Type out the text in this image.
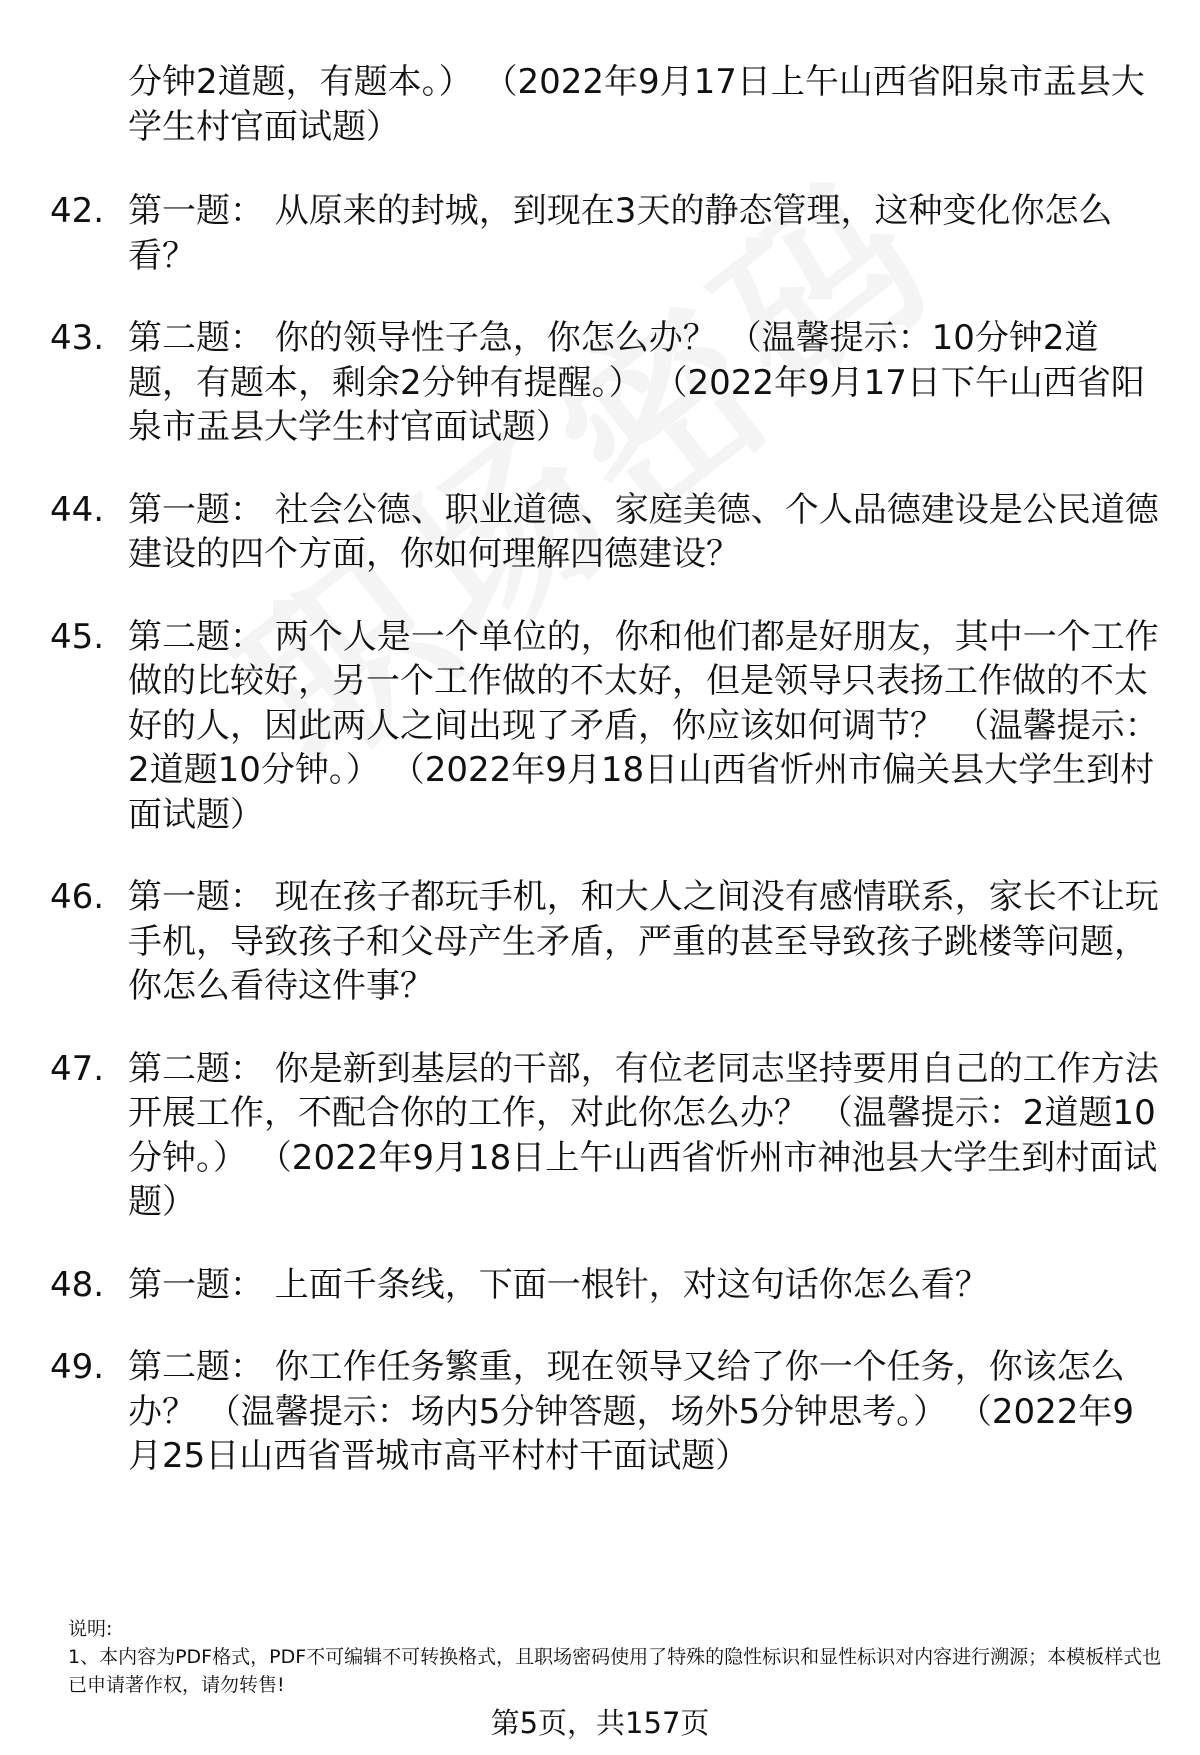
分钟2道题，有题本。） （2022年9月17日上午山西省阳泉市盂县大学生村官面试题）
42. 第一题： 从原来的封城，到现在3天的静态管理，这种变化你怎么看？
43. 第二题： 你的领导性子急，你怎么办？ （温馨提示：10分钟2道题，有题本，剩余2分钟有提醒。） （2022年9月17日下午山西省阳泉市盂县大学生村官面试题）
44. 第一题： 社会公德、职业道德、家庭美德、个人品德建设是公民道德建设的四个方面，你如何理解四德建设？
45. 第二题： 两个人是一个单位的，你和他们都是好朋友，其中一个工作做的比较好，另一个工作做的不太好，但是领导只表扬工作做的不太好的人，因此两人之间出现了矛盾，你应该如何调节？ （温馨提示：2道题10分钟。） （2022年9月18日山西省忻州市偏关县大学生到村面试题）
46. 第一题： 现在孩子都玩手机，和大人之间没有感情联系，家长不让玩手机，导致孩子和父母产生矛盾，严重的甚至导致孩子跳楼等问题，你怎么看待这件事？
47. 第二题： 你是新到基层的干部，有位老同志坚持要用自己的工作方法开展工作，不配合你的工作，对此你怎么办？ （温馨提示：2道题10分钟。） （2022年9月18日上午山西省忻州市神池县大学生到村面试题）
48. 第一题： 上面千条线，下面一根针，对这句话你怎么看？
49. 第二题： 你工作任务繁重，现在领导又给了你一个任务，你该怎么办？ （温馨提示：场内5分钟答题，场外5分钟思考。） （2022年9月25日山西省晋城市高平村村干面试题）
说明:
1、本内容为PDF格式，PDF不可编辑不可转换格式，且职场密码使用了特殊的隐性标识和显性标识对内容进行溯源；本模板样式也已申请著作权，请勿转售!
第5页，共157页
